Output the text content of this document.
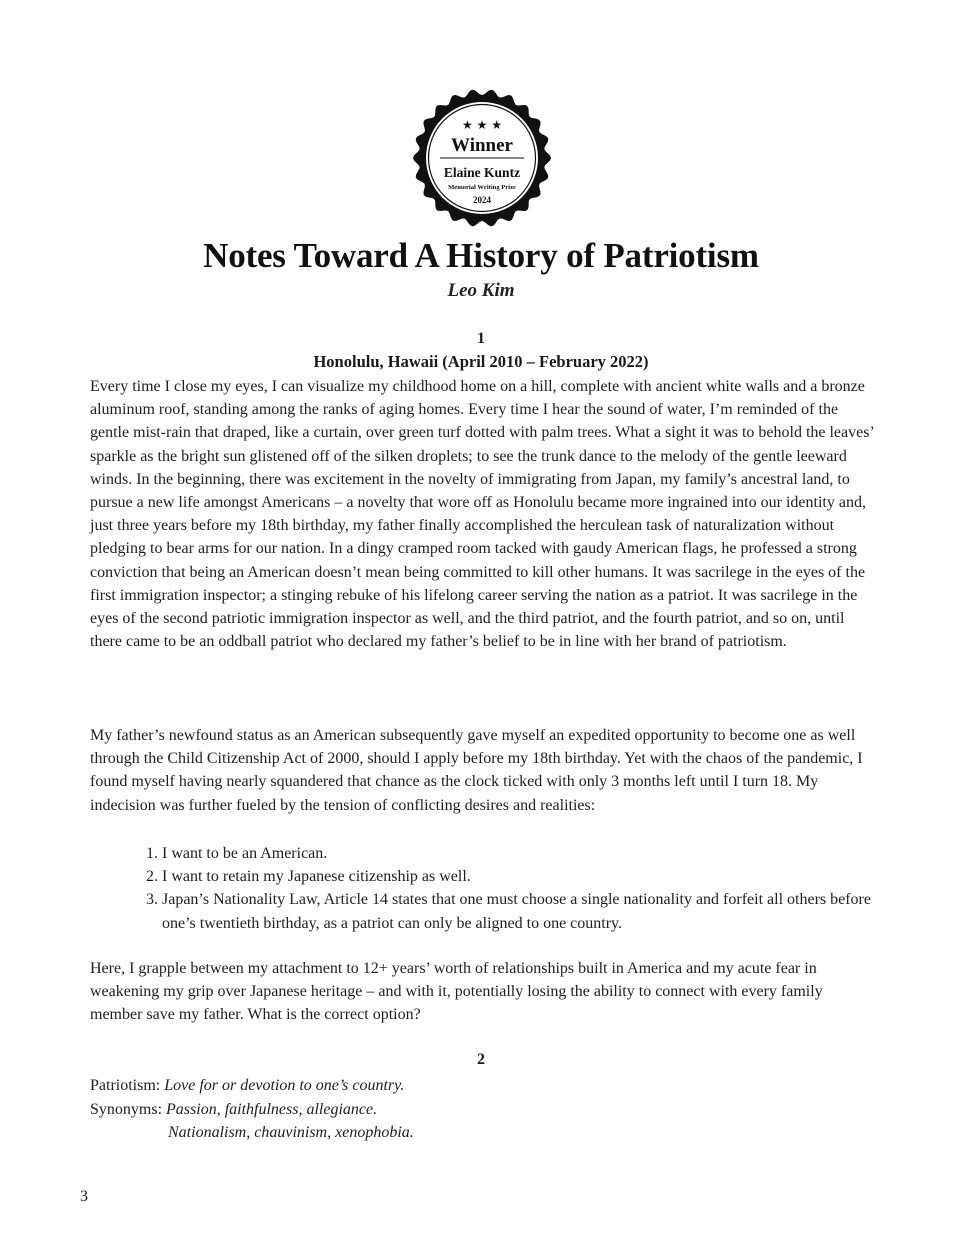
★ ★ ★
Winner
Elaine Kuntz
Memorial Writing Prize
2024
Notes Toward A History of Patriotism
Leo Kim
1
Honolulu, Hawaii (April 2010 – February 2022)

Every time I close my eyes, I can visualize my childhood home on a hill, complete with ancient white walls and a bronze aluminum roof, standing among the ranks of aging homes. Every time I hear the sound of water, I’m reminded of the gentle mist-rain that draped, like a curtain, over green turf dotted with palm trees. What a sight it was to behold the leaves’ sparkle as the bright sun glistened off of the silken droplets; to see the trunk dance to the melody of the gentle leeward winds. In the beginning, there was excitement in the novelty of immigrating from Japan, my family’s ancestral land, to pursue a new life amongst Americans – a novelty that wore off as Honolulu became more ingrained into our identity and, just three years before my 18th birthday, my father finally accomplished the herculean task of naturalization without pledging to bear arms for our nation. In a dingy cramped room tacked with gaudy American flags, he professed a strong conviction that being an American doesn’t mean being committed to kill other humans. It was sacrilege in the eyes of the first immigration inspector; a stinging rebuke of his lifelong career serving the nation as a patriot. It was sacrilege in the eyes of the second patriotic immigration inspector as well, and the third patriot, and the fourth patriot, and so on, until there came to be an oddball patriot who declared my father’s belief to be in line with her brand of patriotism.

My father’s newfound status as an American subsequently gave myself an expedited opportunity to become one as well through the Child Citizenship Act of 2000, should I apply before my 18th birthday. Yet with the chaos of the pandemic, I found myself having nearly squandered that chance as the clock ticked with only 3 months left until I turn 18. My indecision was further fueled by the tension of conflicting desires and realities:

1. I want to be an American.
2. I want to retain my Japanese citizenship as well.
3. Japan’s Nationality Law, Article 14 states that one must choose a single nationality and forfeit all others before one’s twentieth birthday, as a patriot can only be aligned to one country.

Here, I grapple between my attachment to 12+ years’ worth of relationships built in America and my acute fear in weakening my grip over Japanese heritage – and with it, potentially losing the ability to connect with every family member save my father. What is the correct option?

2
Patriotism: Love for or devotion to one’s country.
Synonyms: Passion, faithfulness, allegiance.
Nationalism, chauvinism, xenophobia.
3
